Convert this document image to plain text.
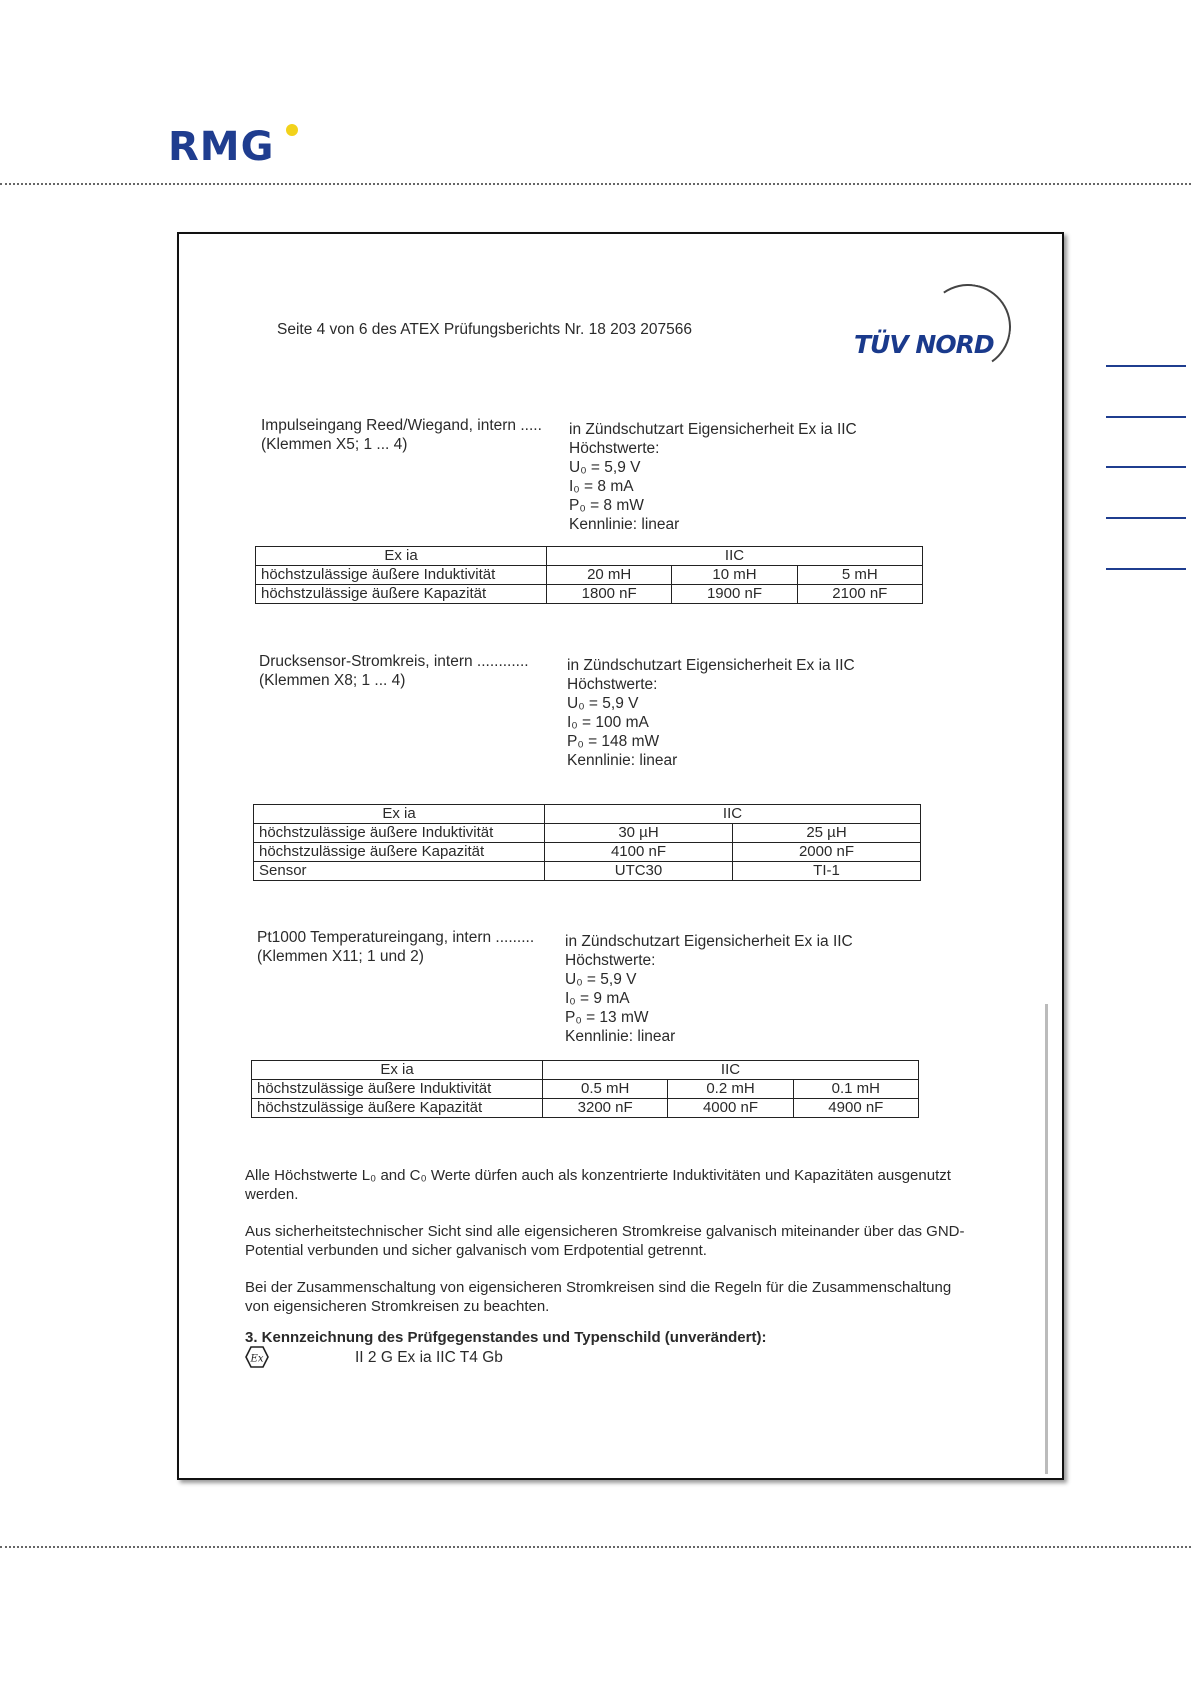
RMG
Seite 4 von 6 des ATEX Prüfungsberichts Nr. 18 203 207566
TÜV NORD
Impulseingang Reed/Wiegand, intern .....
(Klemmen X5; 1 ... 4)
in Zündschutzart Eigensicherheit Ex ia IIC
Höchstwerte:
U₀ = 5,9 V
I₀ = 8 mA
P₀ = 8 mW
Kennlinie: linear
Ex ia	IIC		
höchstzulässige äußere Induktivität	20 mH	10 mH	5 mH
höchstzulässige äußere Kapazität	1800 nF	1900 nF	2100 nF
Drucksensor-Stromkreis, intern ............
(Klemmen X8; 1 ... 4)
in Zündschutzart Eigensicherheit Ex ia IIC
Höchstwerte:
U₀ = 5,9 V
I₀ = 100 mA
P₀ = 148 mW
Kennlinie: linear
Ex ia	IIC	
höchstzulässige äußere Induktivität	30 µH	25 µH
höchstzulässige äußere Kapazität	4100 nF	2000 nF
Sensor	UTC30	TI-1
Pt1000 Temperatureingang, intern .........
(Klemmen X11; 1 und 2)
in Zündschutzart Eigensicherheit Ex ia IIC
Höchstwerte:
U₀ = 5,9 V
I₀ = 9 mA
P₀ = 13 mW
Kennlinie: linear
Ex ia	IIC		
höchstzulässige äußere Induktivität	0.5 mH	0.2 mH	0.1 mH
höchstzulässige äußere Kapazität	3200 nF	4000 nF	4900 nF
Alle Höchstwerte L₀ and C₀ Werte dürfen auch als konzentrierte Induktivitäten und Kapazitäten ausgenutzt werden.
Aus sicherheitstechnischer Sicht sind alle eigensicheren Stromkreise galvanisch miteinander über das GND-Potential verbunden und sicher galvanisch vom Erdpotential getrennt.
Bei der Zusammenschaltung von eigensicheren Stromkreisen sind die Regeln für die Zusammenschaltung von eigensicheren Stromkreisen zu beachten.
3. Kennzeichnung des Prüfgegenstandes und Typenschild (unverändert):
Ex	II 2 G Ex ia IIC T4 Gb
